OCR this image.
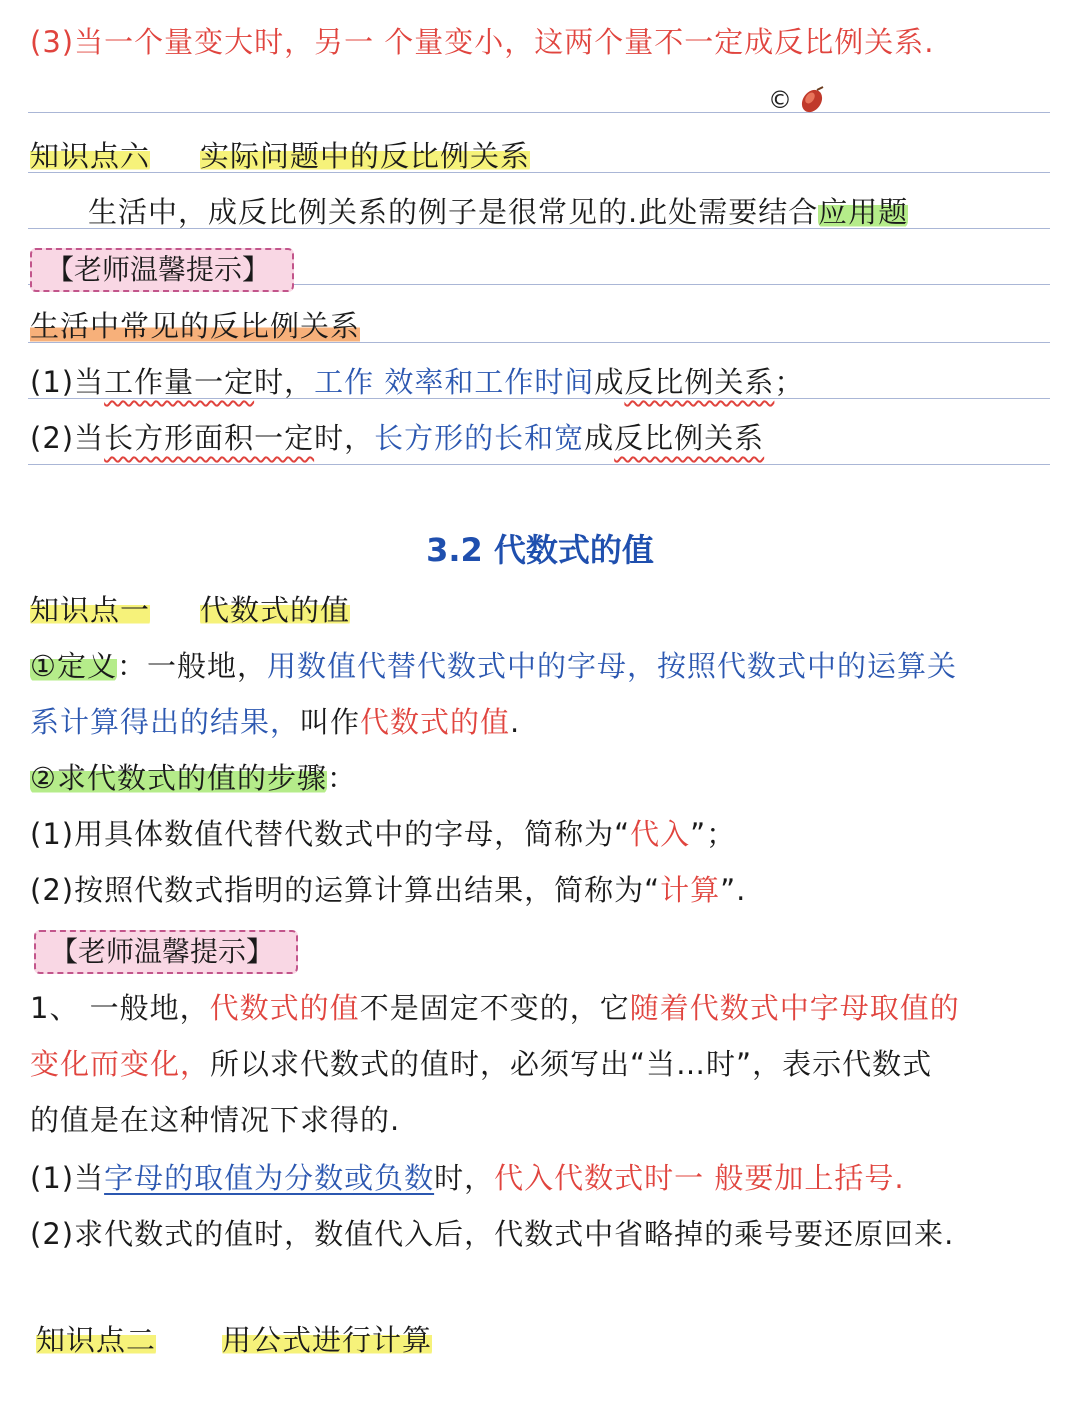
(3)当一个量变大时，另一 个量变小，这两个量不一定成反比例关系.
©
知识点六 实际问题中的反比例关系
生活中，成反比例关系的例子是很常见的.此处需要结合应用题
【老师温馨提示】
生活中常见的反比例关系
(1)当工作量一定时，工作 效率和工作时间成反比例关系；
(2)当长方形面积一定时，长方形的长和宽成反比例关系
3.2 代数式的值
知识点一 代数式的值
①定义：一般地，用数值代替代数式中的字母，按照代数式中的运算关
系计算得出的结果，叫作代数式的值.
②求代数式的值的步骤：
(1)用具体数值代替代数式中的字母，简称为“代入”；
(2)按照代数式指明的运算计算出结果，简称为“计算”.
【老师温馨提示】
1、 一般地，代数式的值不是固定不变的，它随着代数式中字母取值的
变化而变化，所以求代数式的值时，必须写出“当…时”，表示代数式
的值是在这种情况下求得的.
(1)当字母的取值为分数或负数时，代入代数式时一 般要加上括号.
(2)求代数式的值时，数值代入后，代数式中省略掉的乘号要还原回来.
知识点二 用公式进行计算
